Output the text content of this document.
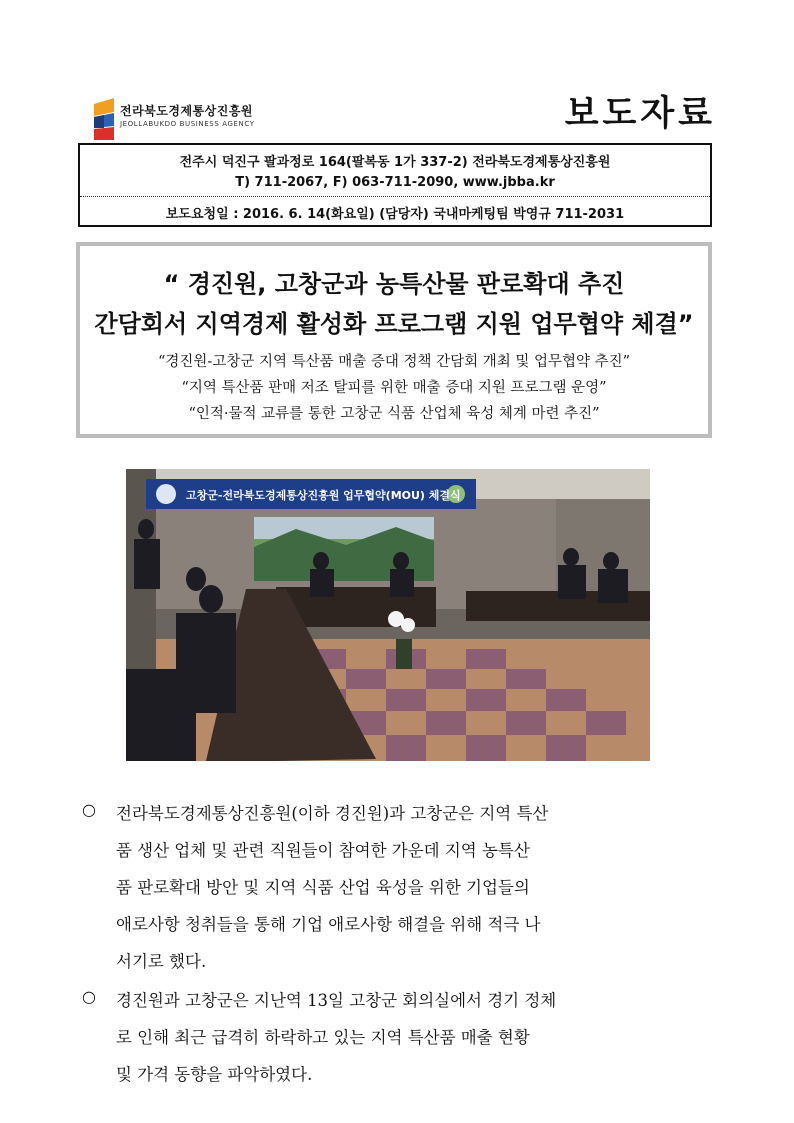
전라북도경제통상진흥원
JEOLLABUKDO BUSINESS AGENCY	보도자료
전주시 덕진구 팔과정로 164(팔복동 1가 337-2) 전라북도경제통상진흥원
T) 711-2067, F) 063-711-2090, www.jbba.kr
보도요청일 : 2016. 6. 14(화요일) (담당자) 국내마케팅팀 박영규 711-2031
“ 경진원, 고창군과 농특산물 판로확대 추진
간담회서 지역경제 활성화 프로그램 지원 업무협약 체결”
“경진원-고창군 지역 특산품 매출 증대 정책 간담회 개최 및 업무협약 추진”
“지역 특산품 판매 저조 탈피를 위한 매출 증대 지원 프로그램 운영”
“인적·물적 교류를 통한 고창군 식품 산업체 육성 체계 마련 추진”
고창군-전라북도경제통상진흥원 업무협약(MOU) 체결식
○ 전라북도경제통상진흥원(이하 경진원)과 고창군은 지역 특산
품 생산 업체 및 관련 직원들이 참여한 가운데 지역 농특산
품 판로확대 방안 및 지역 식품 산업 육성을 위한 기업들의
애로사항 청취들을 통해 기업 애로사항 해결을 위해 적극 나
서기로 했다.
○ 경진원과 고창군은 지난역 13일 고창군 회의실에서 경기 정체
로 인해 최근 급격히 하락하고 있는 지역 특산품 매출 현황
및 가격 동향을 파악하였다.
